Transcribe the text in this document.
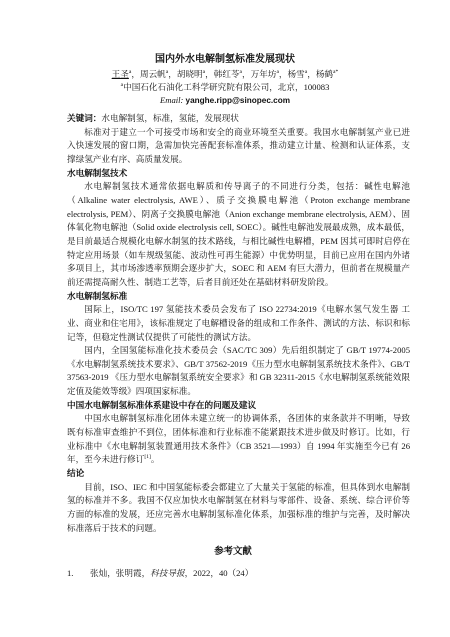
国内外水电解制氢标准发展现状
王圣$^a$，周云帆$^a$，胡晓明$^a$，韩红苓$^a$，万年坊$^a$，杨雪$^a$，杨鹤$^{a*}$

$^a$中国石化石油化工科学研究院有限公司，北京，100083

Email: yanghe.ripp@sinopec.com

关键词：水电解制氢，标准，氢能，发展现状

标准对于建立一个可接受市场和安全的商业环境至关重要。我国水电解制氢产业已进入快速发展的窗口期，急需加快完善配套标准体系，推动建立计量、检测和认证体系，支撑绿氢产业有序、高质量发展。

水电解制氢技术

水电解制氢技术通常依据电解质和传导离子的不同进行分类，包括：碱性电解池（Alkaline water electrolysis, AWE）、质子交换膜电解池（Proton exchange membrane electrolysis, PEM）、阴离子交换膜电解池（Anion exchange membrane electrolysis, AEM）、固体氧化物电解池（Solid oxide electrolysis cell, SOEC）。碱性电解池发展最成熟，成本最低，是目前最适合规模化电解水制氢的技术路线，与相比碱性电解槽，PEM 因其可即时启停在特定应用场景（如车规级氢能、波动性可再生能源）中优势明显，目前已应用在国内外诸多项目上，其市场渗透率预期会逐步扩大，SOEC 和 AEM 有巨大潜力，但前者在规模量产前还需提高耐久性、制造工艺等，后者目前还处在基础材料研发阶段。

水电解制氢标准

国际上，ISO/TC 197 氢能技术委员会发布了 ISO 22734:2019《电解水氢气发生器 工业、商业和住宅用》，该标准规定了电解槽设备的组成和工作条件、测试的方法、标识和标记等，但稳定性测试仅提供了可能性的测试方法。

国内，全国氢能标准化技术委员会（SAC/TC 309）先后组织制定了 GB/T 19774-2005《水电解制氢系统技术要求》、GB/T 37562-2019《压力型水电解制氢系统技术条件》、GB/T 37563-2019 《压力型水电解制氢系统安全要求》和 GB 32311-2015《水电解制氢系统能效限定值及能效等级》四项国家标准。

中国水电解制氢标准体系建设中存在的问题及建议

中国水电解制氢标准化团体未建立统一的协调体系，各团体的束条款并不明晰，导致既有标准审查维护不到位，团体标准和行业标准不能紧跟技术进步做及时修订。比如，行业标准中《水电解制氢装置通用技术条件》（CB 3521—1993）自 1994 年实施至今已有 26 年，至今未进行修订[1]。

结论

目前，ISO、IEC 和中国氢能标委会都建立了大量关于氢能的标准，但具体到水电解制氢的标准并不多。我国不仅应加快水电解制氢在材料与零部件、设备、系统、综合评价等方面的标准的发展，还应完善水电解制氢标准化体系，加强标准的维护与完善，及时解决标准落后于技术的问题。

参考文献

1. 张灿，张明霞，科技导报，2022，40（24）
